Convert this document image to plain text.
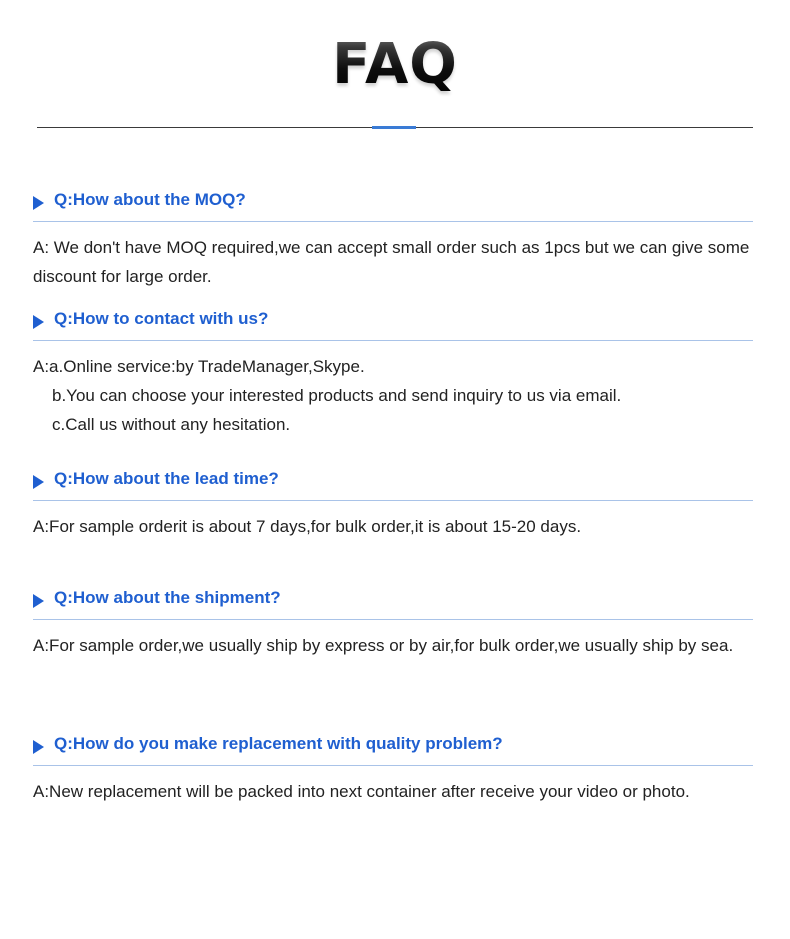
FAQ
Q:How about the MOQ?
A: We don't have MOQ required,we can accept small order such as 1pcs but we can give some discount for large order.
Q:How to contact with us?
A:a.Online service:by TradeManager,Skype.
b.You can choose your interested products and send inquiry to us via email.
c.Call us without any hesitation.
Q:How about the lead time?
A:For sample orderit is about 7 days,for bulk order,it is about 15-20 days.
Q:How about the shipment?
A:For sample order,we usually ship by express or by air,for bulk order,we usually ship by sea.
Q:How do you make replacement with quality problem?
A:New replacement will be packed into next container after receive your video or photo.
